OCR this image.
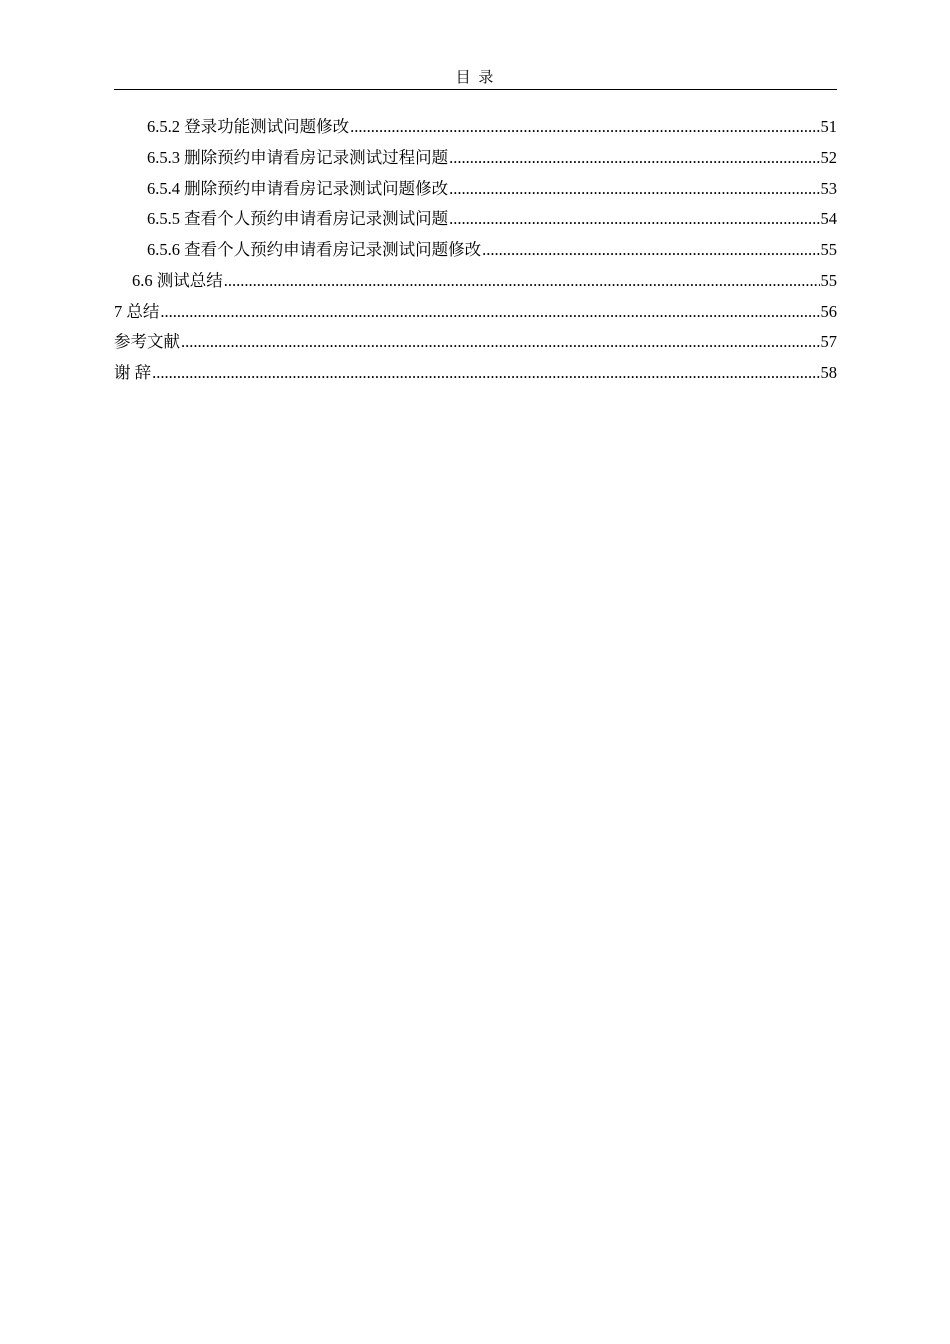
目 录
6.5.2 登录功能测试问题修改 .....	51
6.5.3 删除预约申请看房记录测试过程问题 .....	52
6.5.4 删除预约申请看房记录测试问题修改 .....	53
6.5.5 查看个人预约申请看房记录测试问题 .....	54
6.5.6 查看个人预约申请看房记录测试问题修改 .....	55
6.6 测试总结 .....	55
7 总结 .....	56
参考文献 .....	57
谢 辞 .....	58
